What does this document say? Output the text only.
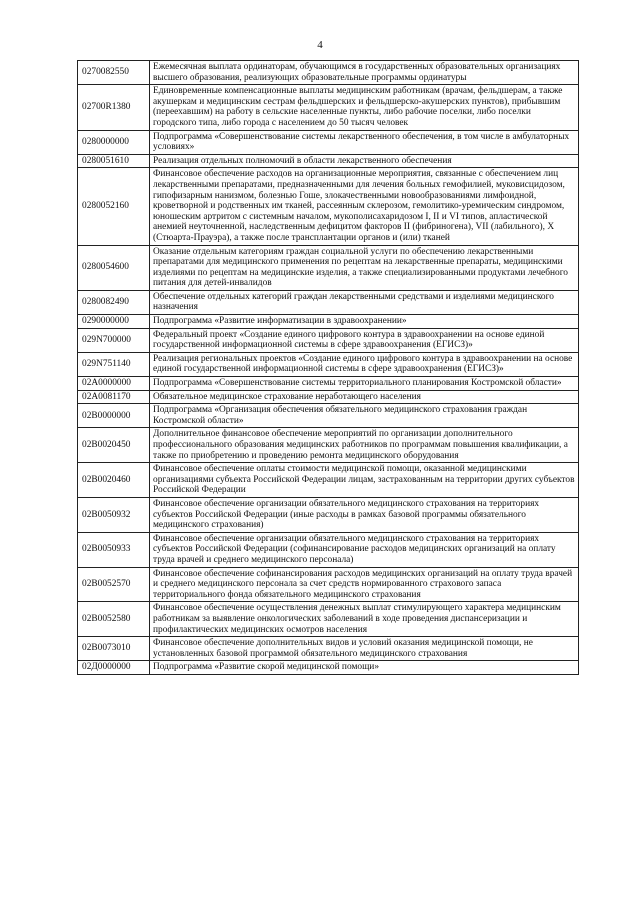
4
0270082550	Ежемесячная выплата ординаторам, обучающимся в государственных образовательных организациях высшего образования, реализующих образовательные программы ординатуры
02700R1380	Единовременные компенсационные выплаты медицинским работникам (врачам, фельдшерам, а также акушеркам и медицинским сестрам фельдшерских и фельдшерско-акушерских пунктов), прибывшим (переехавшим) на работу в сельские населенные пункты, либо рабочие поселки, либо поселки городского типа, либо города с населением до 50 тысяч человек
0280000000	Подпрограмма «Совершенствование системы лекарственного обеспечения, в том числе в амбулаторных условиях»
0280051610	Реализация отдельных полномочий в области лекарственного обеспечения
0280052160	Финансовое обеспечение расходов на организационные мероприятия, связанные с обеспечением лиц лекарственными препаратами, предназначенными для лечения больных гемофилией, муковисцидозом, гипофизарным нанизмом, болезнью Гоше, злокачественными новообразованиями лимфоидной, кроветворной и родственных им тканей, рассеянным склерозом, гемолитико-уремическим синдромом, юношеским артритом с системным началом, мукополисахаридозом I, II и VI типов, апластической анемией неуточненной, наследственным дефицитом факторов II (фибриногена), VII (лабильного), X (Стюарта-Прауэра), а также после трансплантации органов и (или) тканей
0280054600	Оказание отдельным категориям граждан социальной услуги по обеспечению лекарственными препаратами для медицинского применения по рецептам на лекарственные препараты, медицинскими изделиями по рецептам на медицинские изделия, а также специализированными продуктами лечебного питания для детей-инвалидов
0280082490	Обеспечение отдельных категорий граждан лекарственными средствами и изделиями медицинского назначения
0290000000	Подпрограмма «Развитие информатизации в здравоохранении»
029N700000	Федеральный проект «Создание единого цифрового контура в здравоохранении на основе единой государственной информационной системы в сфере здравоохранения (ЕГИСЗ)»
029N751140	Реализация региональных проектов «Создание единого цифрового контура в здравоохранении на основе единой государственной информационной системы в сфере здравоохранения (ЕГИСЗ)»
02A0000000	Подпрограмма «Совершенствование системы территориального планирования Костромской области»
02A0081170	Обязательное медицинское страхование неработающего населения
02B0000000	Подпрограмма «Организация обеспечения обязательного медицинского страхования граждан Костромской области»
02B0020450	Дополнительное финансовое обеспечение мероприятий по организации дополнительного профессионального образования медицинских работников по программам повышения квалификации, а также по приобретению и проведению ремонта медицинского оборудования
02B0020460	Финансовое обеспечение оплаты стоимости медицинской помощи, оказанной медицинскими организациями субъекта Российской Федерации лицам, застрахованным на территории других субъектов Российской Федерации
02B0050932	Финансовое обеспечение организации обязательного медицинского страхования на территориях субъектов Российской Федерации (иные расходы в рамках базовой программы обязательного медицинского страхования)
02B0050933	Финансовое обеспечение организации обязательного медицинского страхования на территориях субъектов Российской Федерации (софинансирование расходов медицинских организаций на оплату труда врачей и среднего медицинского персонала)
02B0052570	Финансовое обеспечение софинансирования расходов медицинских организаций на оплату труда врачей и среднего медицинского персонала за счет средств нормированного страхового запаса территориального фонда обязательного медицинского страхования
02B0052580	Финансовое обеспечение осуществления денежных выплат стимулирующего характера медицинским работникам за выявление онкологических заболеваний в ходе проведения диспансеризации и профилактических медицинских осмотров населения
02B0073010	Финансовое обеспечение дополнительных видов и условий оказания медицинской помощи, не установленных базовой программой обязательного медицинского страхования
02Д0000000	Подпрограмма «Развитие скорой медицинской помощи»
